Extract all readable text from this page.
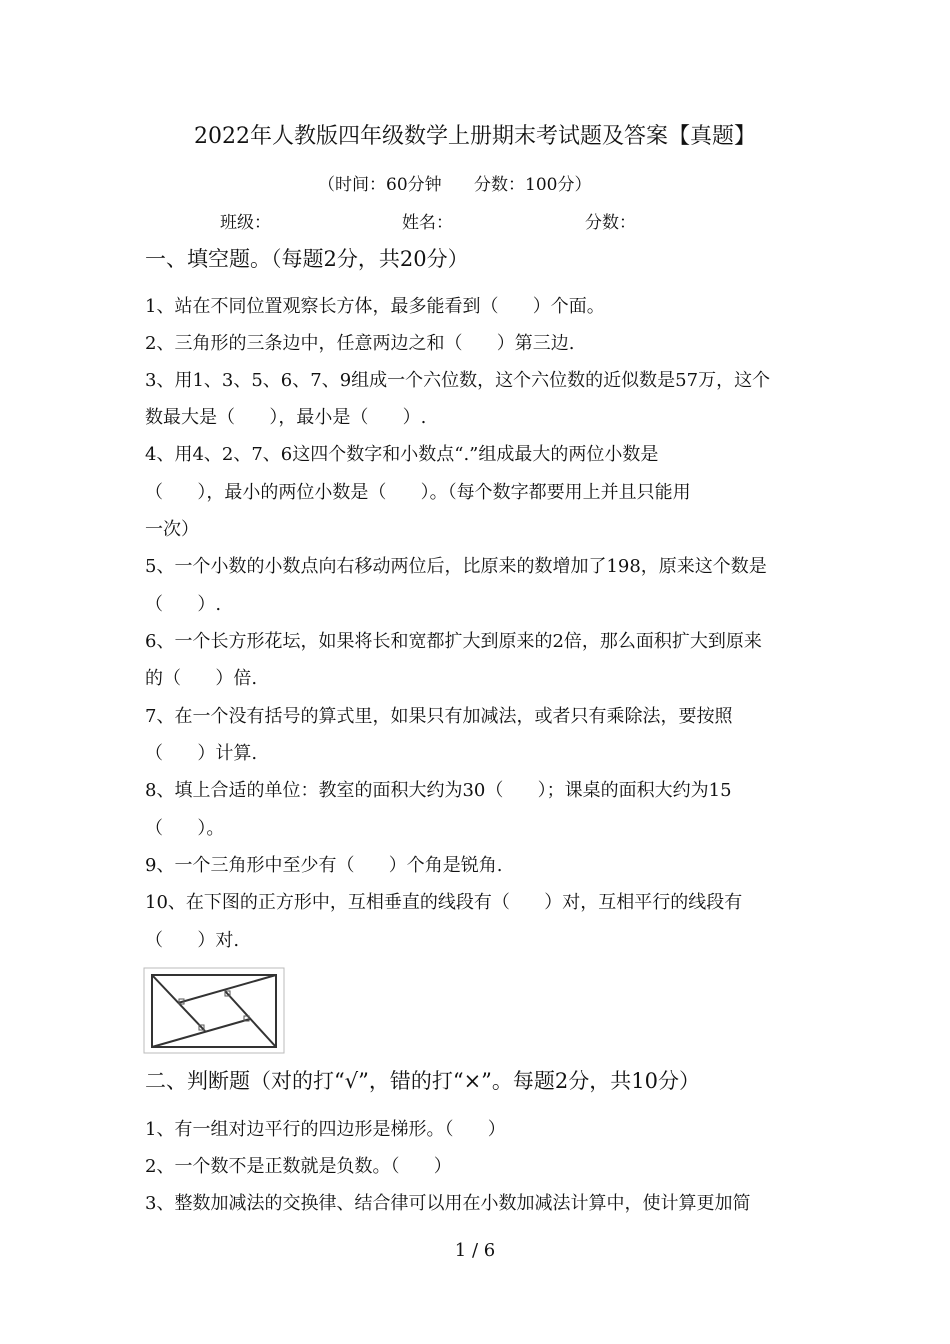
2022年人教版四年级数学上册期末考试题及答案【真题】
（时间：60分钟      分数：100分）
班级：	姓名：	分数：
一、填空题。（每题2分，共20分）
1、站在不同位置观察长方体，最多能看到（      ）个面。
2、三角形的三条边中，任意两边之和（      ）第三边.
3、用1、3、5、6、7、9组成一个六位数，这个六位数的近似数是57万，这个
数最大是（      ），最小是（      ）.
4、用4、2、7、6这四个数字和小数点“.”组成最大的两位小数是
（      ），最小的两位小数是（      ）。（每个数字都要用上并且只能用
一次）
5、一个小数的小数点向右移动两位后，比原来的数增加了198，原来这个数是
（      ）.
6、一个长方形花坛，如果将长和宽都扩大到原来的2倍，那么面积扩大到原来
的（      ）倍.
7、在一个没有括号的算式里，如果只有加减法，或者只有乘除法，要按照
（      ）计算.
8、填上合适的单位：教室的面积大约为30（      ）；课桌的面积大约为15
（      ）。
9、一个三角形中至少有（      ）个角是锐角.
10、在下图的正方形中，互相垂直的线段有（      ）对，互相平行的线段有
（      ）对.
二、判断题（对的打“√”，错的打“×”。每题2分，共10分）
1、有一组对边平行的四边形是梯形。（      ）
2、一个数不是正数就是负数。（      ）
3、整数加减法的交换律、结合律可以用在小数加减法计算中，使计算更加简
1 / 6
